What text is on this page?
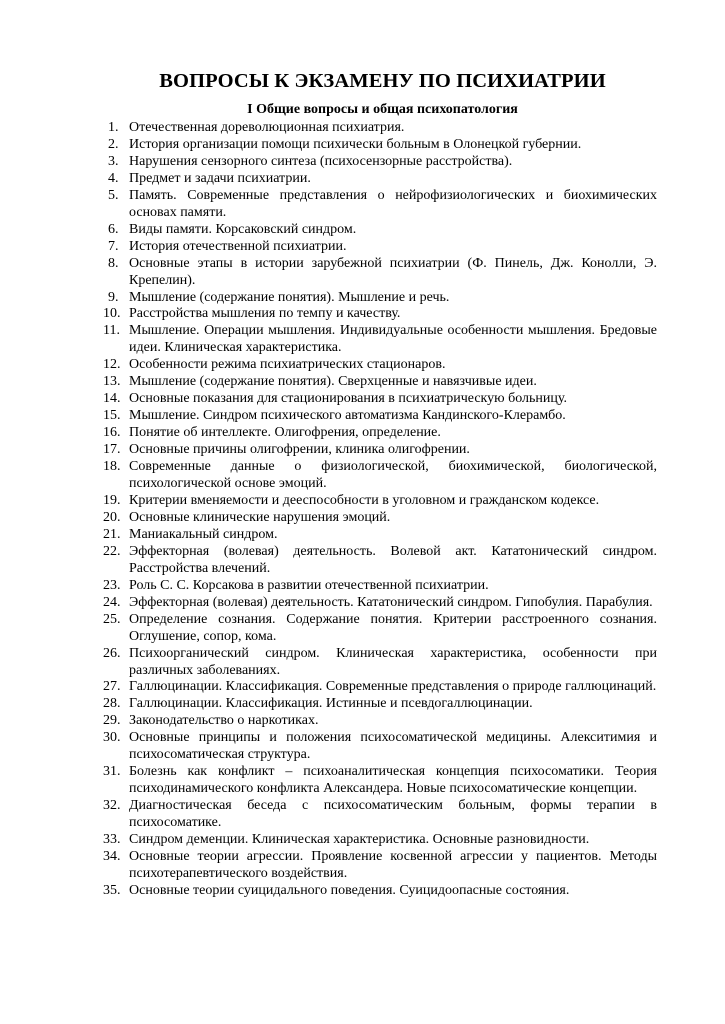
ВОПРОСЫ К ЭКЗАМЕНУ ПО ПСИХИАТРИИ
I Общие вопросы и общая психопатология
1. Отечественная дореволюционная психиатрия.
2. История организации помощи психически больным в Олонецкой губернии.
3. Нарушения сензорного синтеза (психосензорные расстройства).
4. Предмет и задачи психиатрии.
5. Память. Современные представления о нейрофизиологических и биохимических основах памяти.
6. Виды памяти. Корсаковский синдром.
7. История отечественной психиатрии.
8. Основные этапы в истории зарубежной психиатрии (Ф. Пинель, Дж. Конолли, Э. Крепелин).
9. Мышление (содержание понятия). Мышление и речь.
10. Расстройства мышления по темпу и качеству.
11. Мышление. Операции мышления. Индивидуальные особенности мышления. Бредовые идеи. Клиническая характеристика.
12. Особенности режима психиатрических стационаров.
13. Мышление (содержание понятия). Сверхценные и навязчивые идеи.
14. Основные показания для стационирования в психиатрическую больницу.
15. Мышление. Синдром психического автоматизма Кандинского-Клерамбо.
16. Понятие об интеллекте. Олигофрения, определение.
17. Основные причины олигофрении, клиника олигофрении.
18. Современные данные о физиологической, биохимической, биологической, психологической основе эмоций.
19. Критерии вменяемости и дееспособности в уголовном и гражданском кодексе.
20. Основные клинические нарушения эмоций.
21. Маниакальный синдром.
22. Эффекторная (волевая) деятельность. Волевой акт. Кататонический синдром. Расстройства влечений.
23. Роль С. С. Корсакова в развитии отечественной психиатрии.
24. Эффекторная (волевая) деятельность. Кататонический синдром. Гипобулия. Парабулия.
25. Определение сознания. Содержание понятия. Критерии расстроенного сознания. Оглушение, сопор, кома.
26. Психоорганический синдром. Клиническая характеристика, особенности при различных заболеваниях.
27. Галлюцинации. Классификация. Современные представления о природе галлюцинаций.
28. Галлюцинации. Классификация. Истинные и псевдогаллюцинации.
29. Законодательство о наркотиках.
30. Основные принципы и положения психосоматической медицины. Алекситимия и психосоматическая структура.
31. Болезнь как конфликт – психоаналитическая концепция психосоматики. Теория психодинамического конфликта Александера. Новые психосоматические концепции.
32. Диагностическая беседа с психосоматическим больным, формы терапии в психосоматике.
33. Синдром деменции. Клиническая характеристика. Основные разновидности.
34. Основные теории агрессии. Проявление косвенной агрессии у пациентов. Методы психотерапевтического воздействия.
35. Основные теории суицидального поведения. Суицидоопасные состояния.
